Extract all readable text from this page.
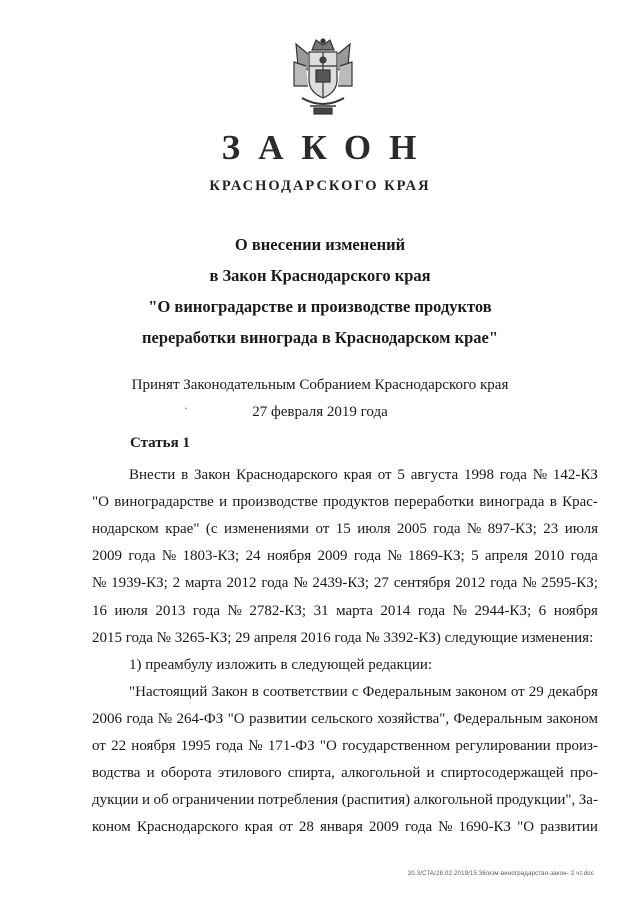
ЗАКОН
КРАСНОДАРСКОГО КРАЯ
О внесении изменений
в Закон Краснодарского края
"О виноградарстве и производстве продуктов
переработки винограда в Краснодарском крае"
Принят Законодательным Собранием Краснодарского края
27 февраля 2019 года
`
Статья 1
Внести в Закон Краснодарского края от 5 августа 1998 года № 142-КЗ
"О виноградарстве и производстве продуктов переработки винограда в Крас-
нодарском крае" (с изменениями от 15 июля 2005 года № 897-КЗ; 23 июля
2009 года № 1803-КЗ; 24 ноября 2009 года № 1869-КЗ; 5 апреля 2010 года
№ 1939-КЗ; 2 марта 2012 года № 2439-КЗ; 27 сентября 2012 года № 2595-КЗ;
16 июля 2013 года № 2782-КЗ; 31 марта 2014 года № 2944-КЗ; 6 ноября
2015 года № 3265-КЗ; 29 апреля 2016 года № 3392-КЗ) следующие изменения:
1) преамбулу изложить в следующей редакции:
"Настоящий Закон в соответствии с Федеральным законом от 29 декабря
2006 года № 264-ФЗ "О развитии сельского хозяйства", Федеральным законом
от 22 ноября 1995 года № 171-ФЗ "О государственном регулировании произ-
водства и оборота этилового спирта, алкогольной и спиртосодержащей про-
дукции и об ограничении потребления (распития) алкогольной продукции", За-
коном Краснодарского края от 28 января 2009 года № 1690-КЗ "О развитии
20.3/СТА/28.02.2019/15:36/изм-виноградарство-закон- 2 чт.doc
